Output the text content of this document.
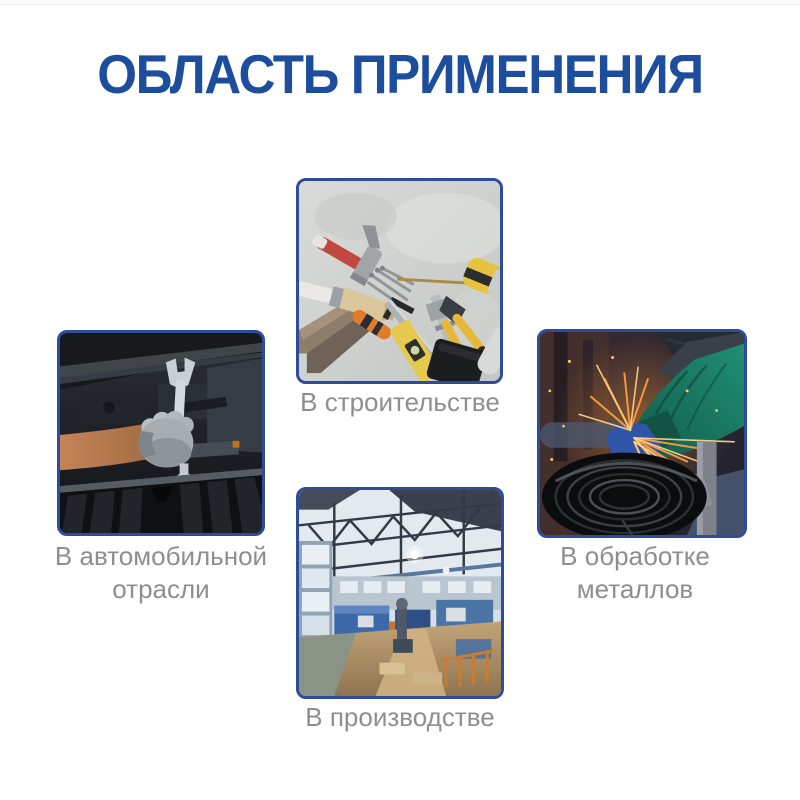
ОБЛАСТЬ ПРИМЕНЕНИЯ
В строительстве
В автомобильной отрасли
В обработке металлов
В производстве
